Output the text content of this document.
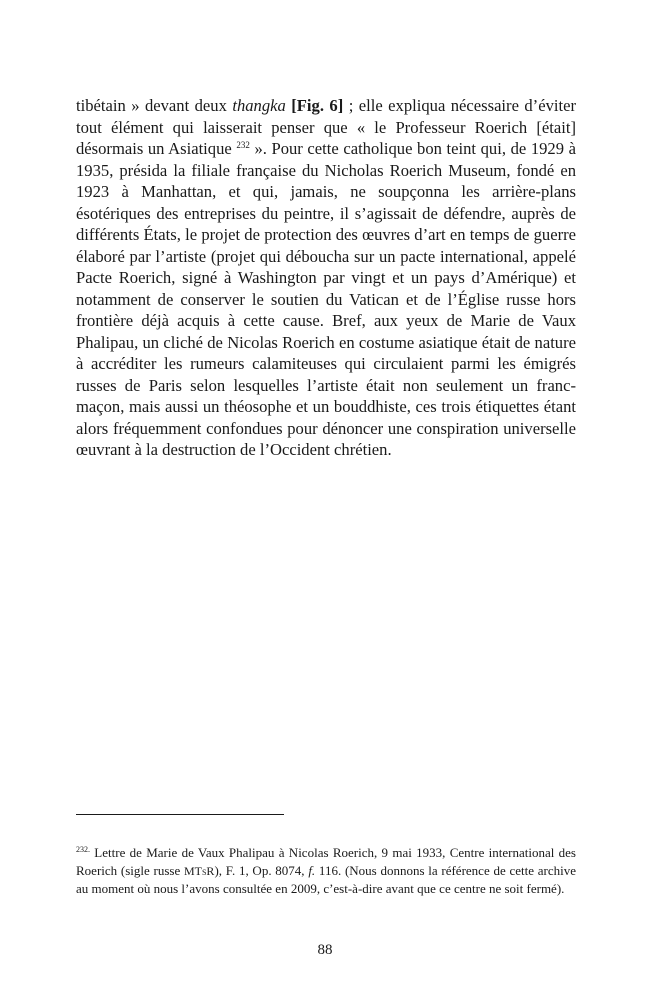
tibétain » devant deux thangka [Fig. 6] ; elle expliqua nécessaire d’éviter tout élément qui laisserait penser que « le Professeur Roerich [était] désormais un Asiatique $^{232}$ ». Pour cette catholique bon teint qui, de 1929 à 1935, présida la filiale française du Nicholas Roerich Museum, fondé en 1923 à Manhattan, et qui, jamais, ne soupçonna les arrière-plans ésotériques des entreprises du peintre, il s’agissait de défendre, auprès de différents États, le projet de protection des œuvres d’art en temps de guerre élaboré par l’artiste (projet qui déboucha sur un pacte international, appelé Pacte Roerich, signé à Washington par vingt et un pays d’Amérique) et notamment de conserver le soutien du Vatican et de l’Église russe hors frontière déjà acquis à cette cause. Bref, aux yeux de Marie de Vaux Phalipau, un cliché de Nicolas Roerich en costume asiatique était de nature à accréditer les rumeurs calamiteuses qui circulaient parmi les émigrés russes de Paris selon lesquelles l’artiste était non seulement un franc-maçon, mais aussi un théosophe et un bouddhiste, ces trois étiquettes étant alors fréquemment confondues pour dénoncer une conspiration universelle œuvrant à la destruction de l’Occident chrétien.

$^{232.}$ Lettre de Marie de Vaux Phalipau à Nicolas Roerich, 9 mai 1933, Centre international des Roerich (sigle russe MTsR), F. 1, Op. 8074, f. 116. (Nous donnons la référence de cette archive au moment où nous l’avons consultée en 2009, c’est-à-dire avant que ce centre ne soit fermé).

88
